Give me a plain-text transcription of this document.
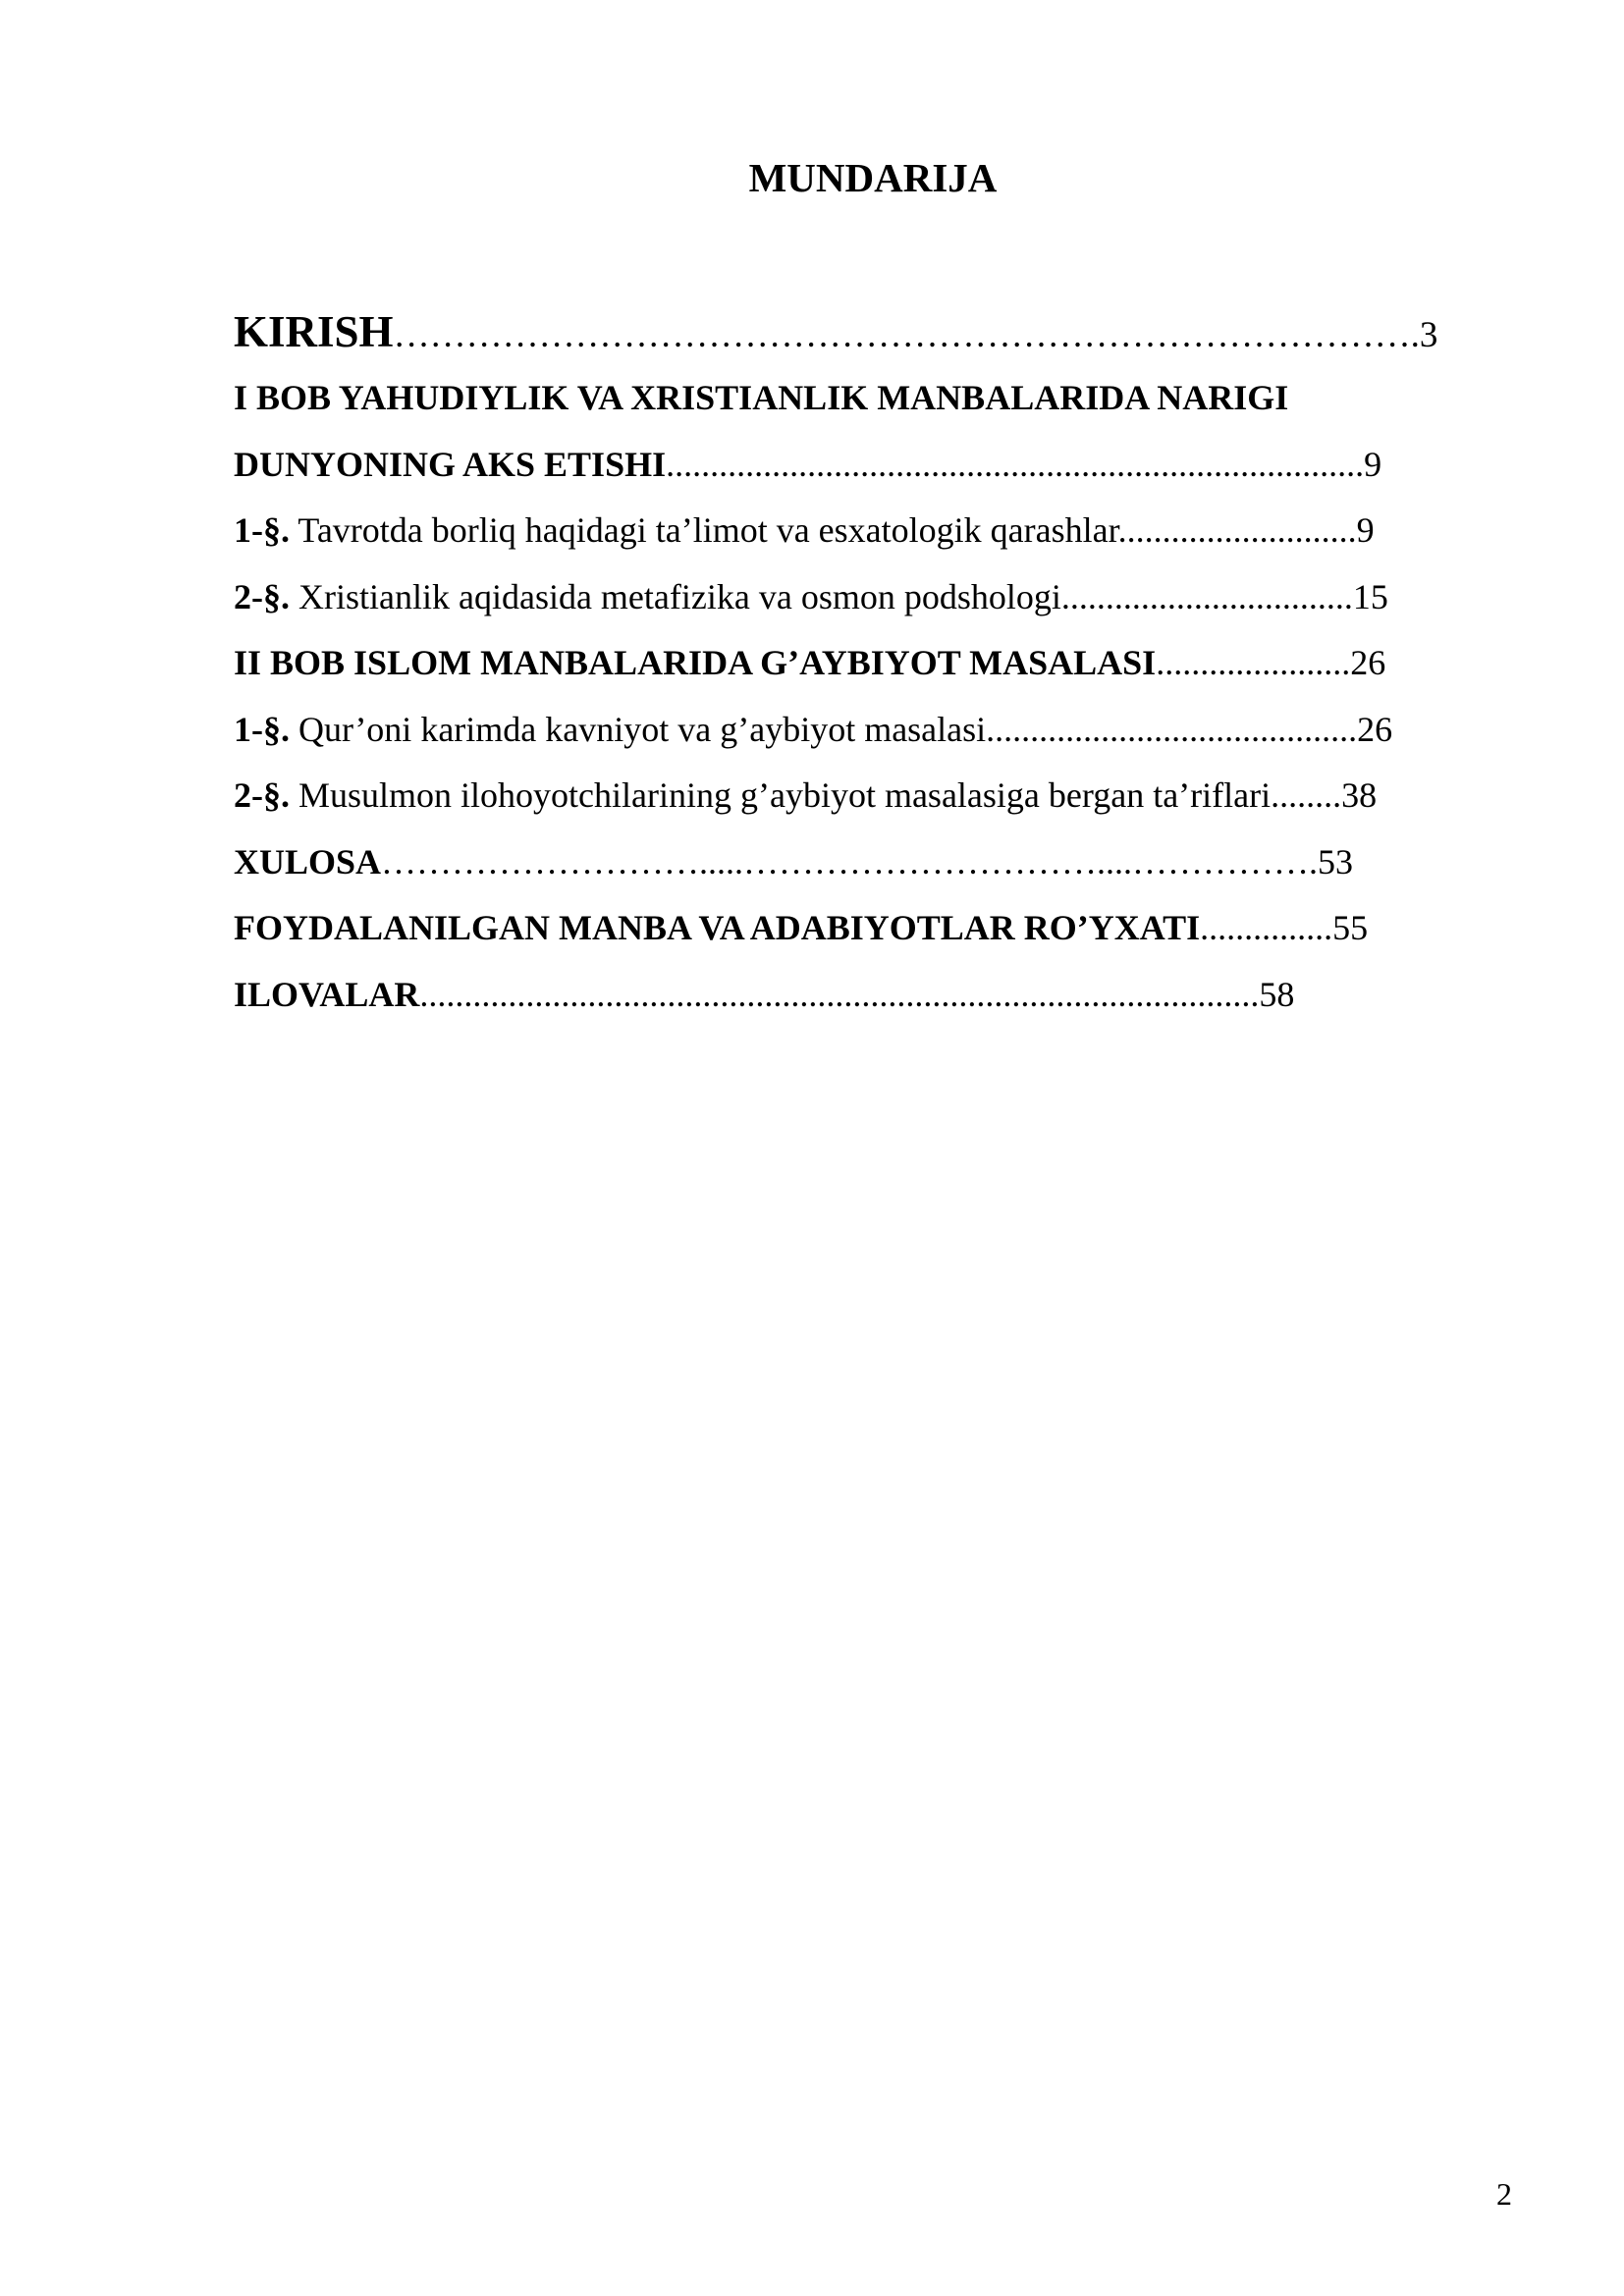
MUNDARIJA
KIRISH………………………………………………………………………….3
I BOB YAHUDIYLIK VA XRISTIANLIK MANBALARIDA NARIGI
DUNYONING AKS ETISHI...............................................................................9
1-§. Tavrotda borliq haqidagi ta’limot va esxatologik qarashlar...........................9
2-§. Xristianlik aqidasida metafizika va osmon podshologi.................................15
II BOB ISLOM MANBALARIDA G’AYBIYOT MASALASI......................26
1-§. Qur’oni karimda kavniyot va g’aybiyot masalasi..........................................26
2-§. Musulmon ilohoyotchilarining g’aybiyot masalasiga bergan ta’riflari........38
XULOSA……………………….....…………………………....…………….53
FOYDALANILGAN MANBA VA ADABIYOTLAR RO’YXATI...............55
ILOVALAR...............................................................................................58
2
